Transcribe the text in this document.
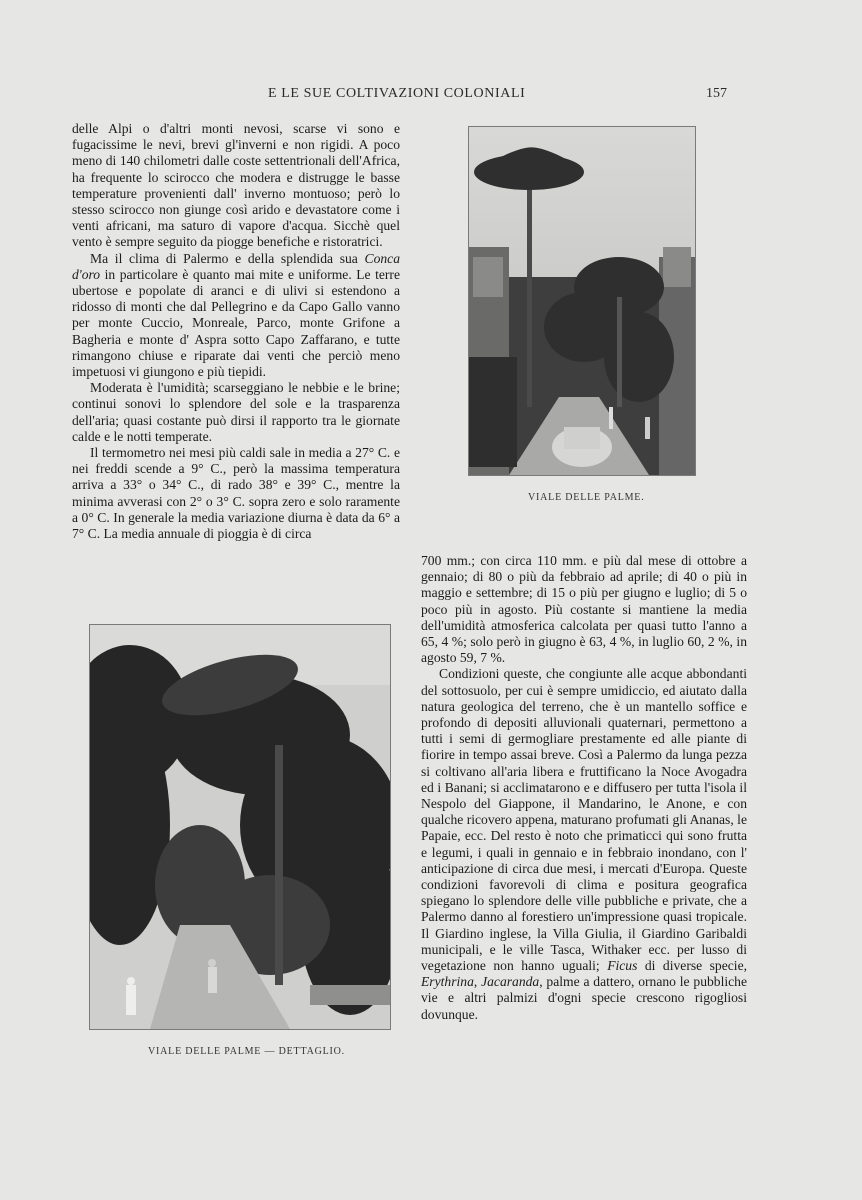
E LE SUE COLTIVAZIONI COLONIALI	157

delle Alpi o d'altri monti nevosi, scarse vi sono e fugacissime le nevi, brevi gl'inverni e non rigidi. A poco meno di 140 chilometri dalle coste settentrionali dell'Africa, ha frequente lo scirocco che modera e distrugge le basse temperature provenienti dall' inverno montuoso; però lo stesso scirocco non giunge così arido e devastatore come i venti africani, ma saturo di vapore d'acqua. Sicchè quel vento è sempre seguito da piogge benefiche e ristoratrici.

Ma il clima di Palermo e della splendida sua Conca d'oro in particolare è quanto mai mite e uniforme. Le terre ubertose e popolate di aranci e di ulivi si estendono a ridosso di monti che dal Pellegrino e da Capo Gallo vanno per monte Cuccio, Monreale, Parco, monte Grifone a Bagheria e monte d' Aspra sotto Capo Zaffarano, e tutte rimangono chiuse e riparate dai venti che perciò meno impetuosi vi giungono e più tiepidi.

Moderata è l'umidità; scarseggiano le nebbie e le brine; continui sonovi lo splendore del sole e la trasparenza dell'aria; quasi costante può dirsi il rapporto tra le giornate calde e le notti temperate.

Il termometro nei mesi più caldi sale in media a 27° C. e nei freddi scende a 9° C., però la massima temperatura arriva a 33° o 34° C., di rado 38° e 39° C., mentre la minima avverasi con 2° o 3° C. sopra zero e solo raramente a 0° C. In generale la media variazione diurna è data da 6° a 7° C. La media annuale di pioggia è di circa

VIALE DELLE PALME.
VIALE DELLE PALME — DETTAGLIO.

700 mm.; con circa 110 mm. e più dal mese di ottobre a gennaio; di 80 o più da febbraio ad aprile; di 40 o più in maggio e settembre; di 15 o più per giugno e luglio; di 5 o poco più in agosto. Più costante si mantiene la media dell'umidità atmosferica calcolata per quasi tutto l'anno a 65, 4 %; solo però in giugno è 63, 4 %, in luglio 60, 2 %, in agosto 59, 7 %.

Condizioni queste, che congiunte alle acque abbondanti del sottosuolo, per cui è sempre umidiccio, ed aiutato dalla natura geologica del terreno, che è un mantello soffice e profondo di depositi alluvionali quaternari, permettono a tutti i semi di germogliare prestamente ed alle piante di fiorire in tempo assai breve. Così a Palermo da lunga pezza si coltivano all'aria libera e fruttificano la Noce Avogadra ed i Banani; si acclimatarono e e diffusero per tutta l'isola il Nespolo del Giappone, il Mandarino, le Anone, e con qualche ricovero appena, maturano profumati gli Ananas, le Papaie, ecc. Del resto è noto che primaticci qui sono frutta e legumi, i quali in gennaio e in febbraio inondano, con l' anticipazione di circa due mesi, i mercati d'Europa. Queste condizioni favorevoli di clima e positura geografica spiegano lo splendore delle ville pubbliche e private, che a Palermo danno al forestiero un'impressione quasi tropicale. Il Giardino inglese, la Villa Giulia, il Giardino Garibaldi municipali, e le ville Tasca, Withaker ecc. per lusso di vegetazione non hanno uguali; Ficus di diverse specie, Erythrina, Jacaranda, palme a dattero, ornano le pubbliche vie e altri palmizi d'ogni specie crescono rigogliosi dovunque.
